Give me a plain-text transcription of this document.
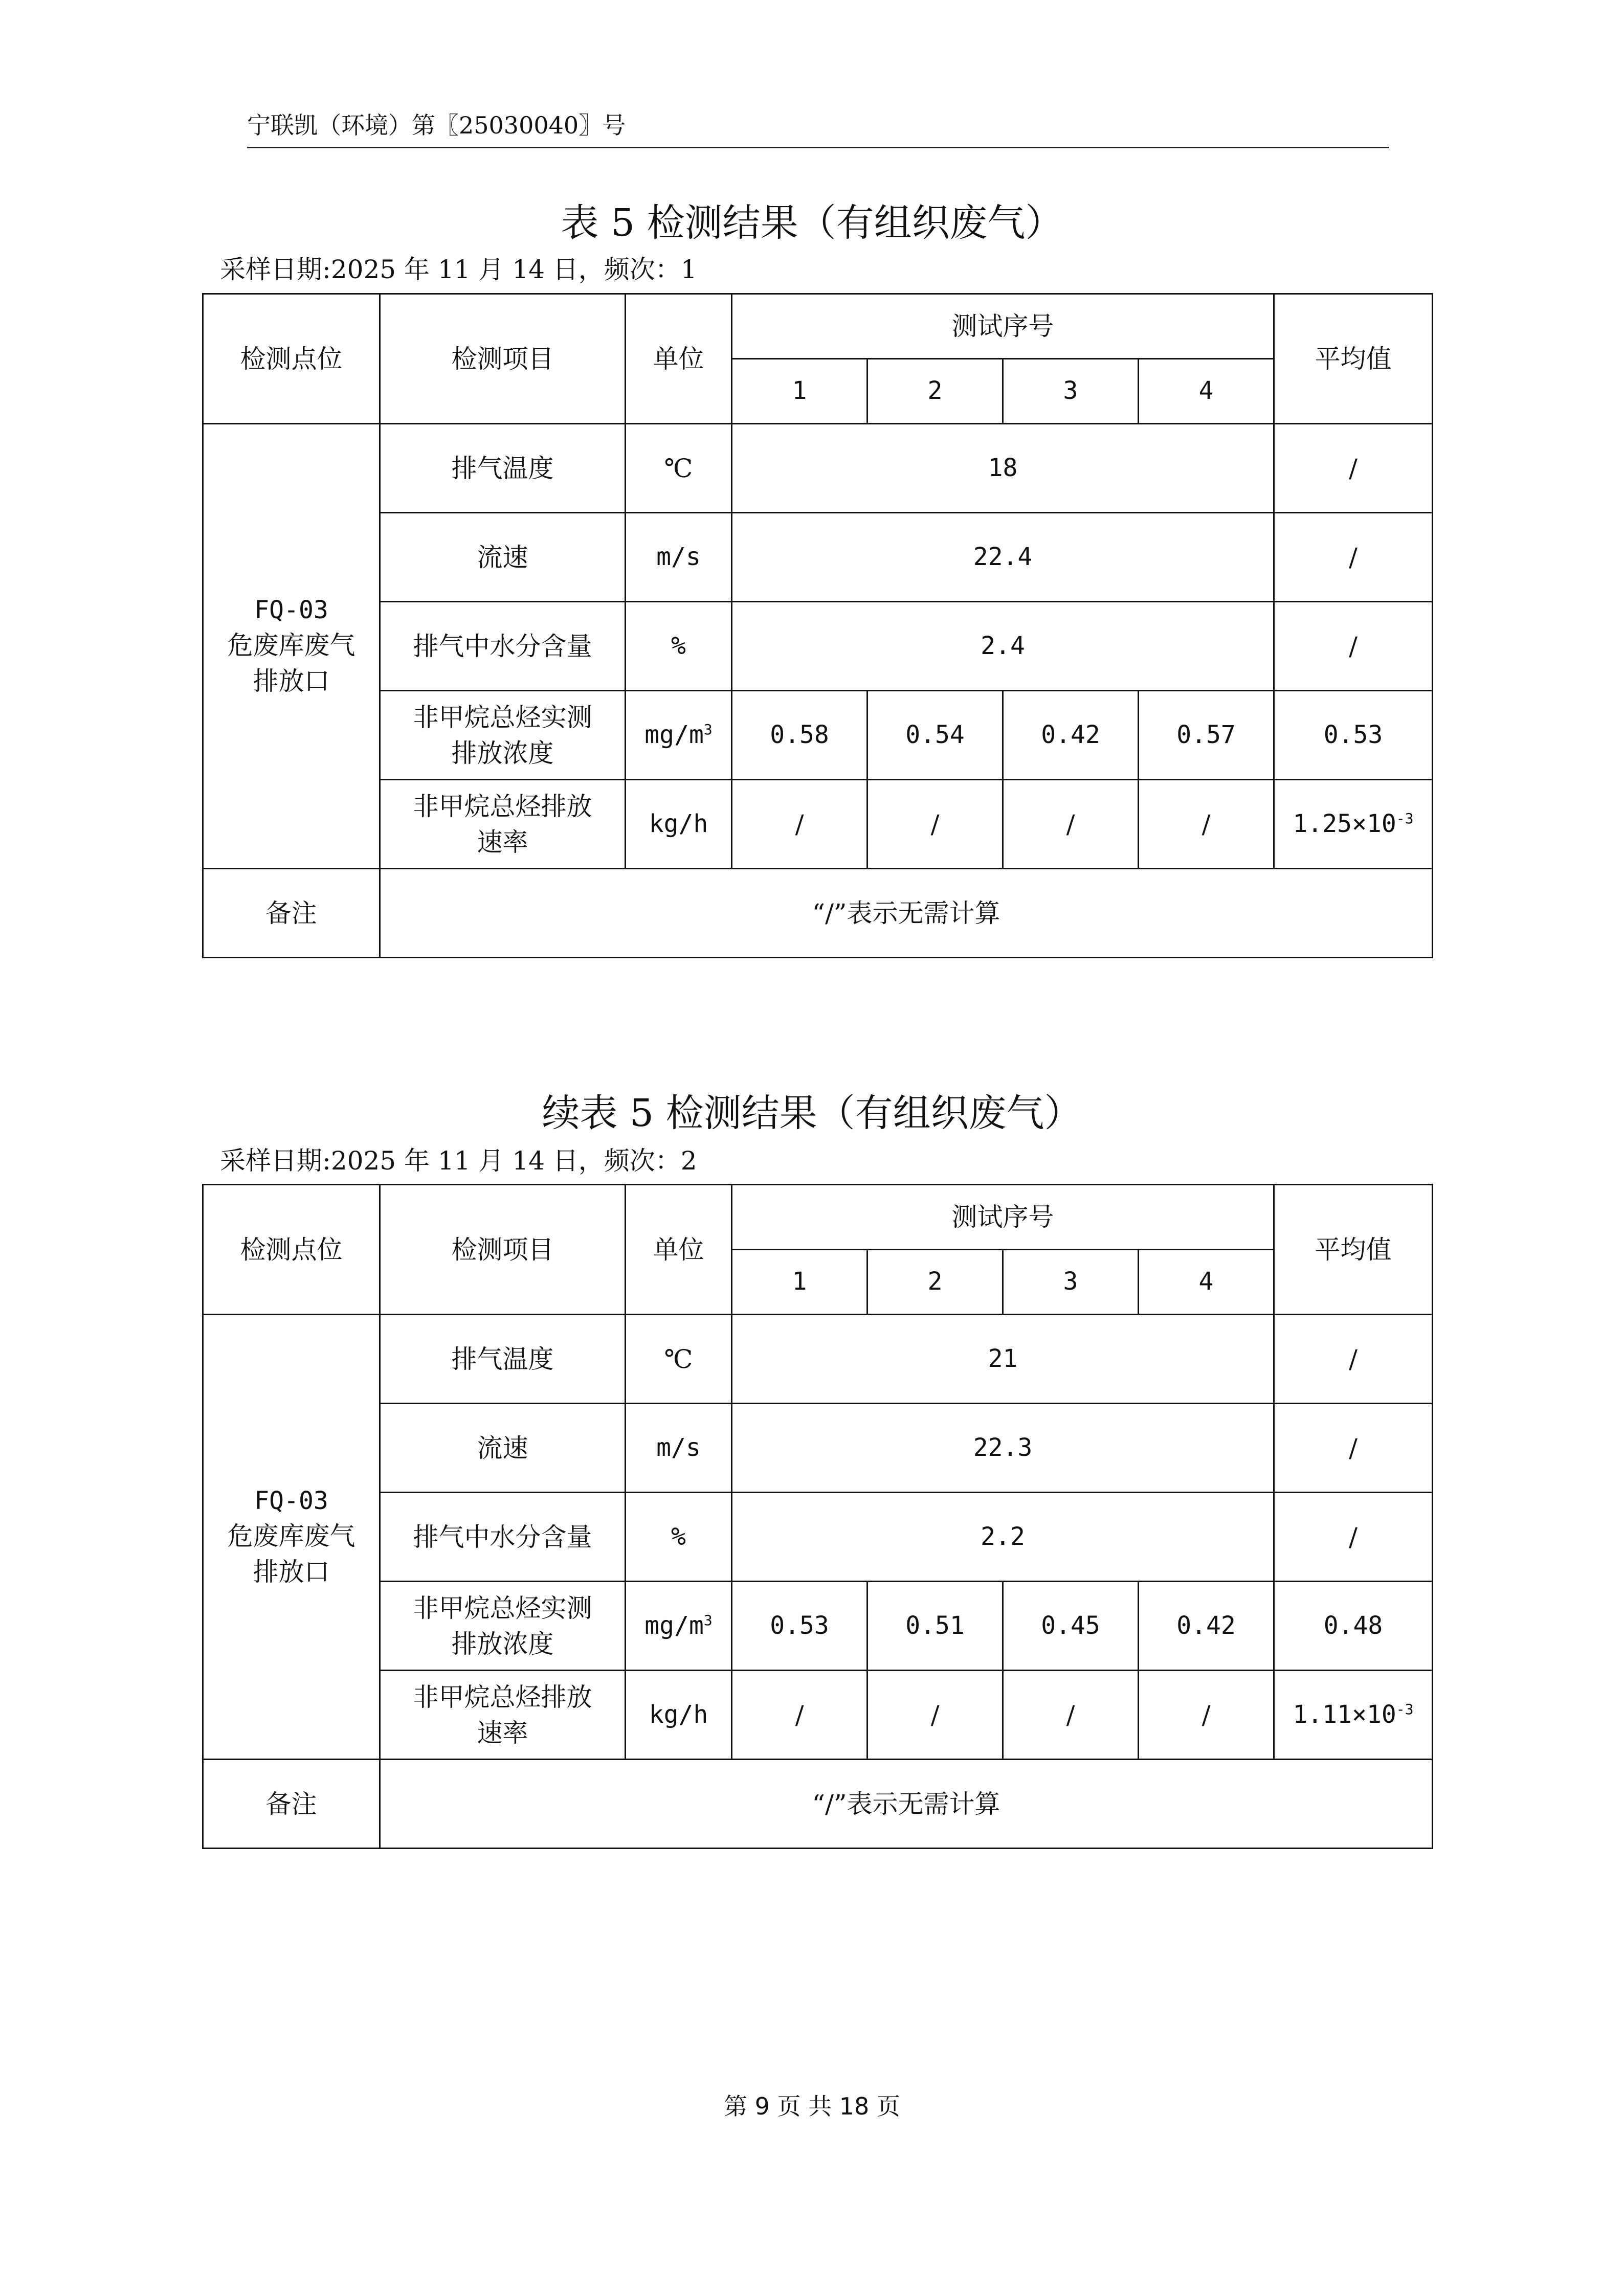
宁联凯（环境）第〖25030040〗号
表 5 检测结果（有组织废气）
采样日期:2025 年 11 月 14 日，频次：1
检测点位	检测项目	单位	测试序号				平均值
			1	2	3	4	

FQ-03
危废库废气
排放口	排气温度	℃	18				/
	流速	m/s	22.4				/
	排气中水分含量	%	2.4				/

	非甲烷总烃实测
排放浓度	$mg/m^3$	0.58	0.54	0.42	0.57	0.53

	非甲烷总烃排放
速率	kg/h	/	/	/	/	$1.25\times 10^{-3}$
备注	“/”表示无需计算						
续表 5 检测结果（有组织废气）
采样日期:2025 年 11 月 14 日，频次：2
检测点位	检测项目	单位	测试序号				平均值
			1	2	3	4	

FQ-03
危废库废气
排放口	排气温度	℃	21				/
	流速	m/s	22.3				/
	排气中水分含量	%	2.2				/

	非甲烷总烃实测
排放浓度	$mg/m^3$	0.53	0.51	0.45	0.42	0.48

	非甲烷总烃排放
速率	kg/h	/	/	/	/	$1.11\times 10^{-3}$
备注	“/”表示无需计算						
第 9 页 共 18 页
